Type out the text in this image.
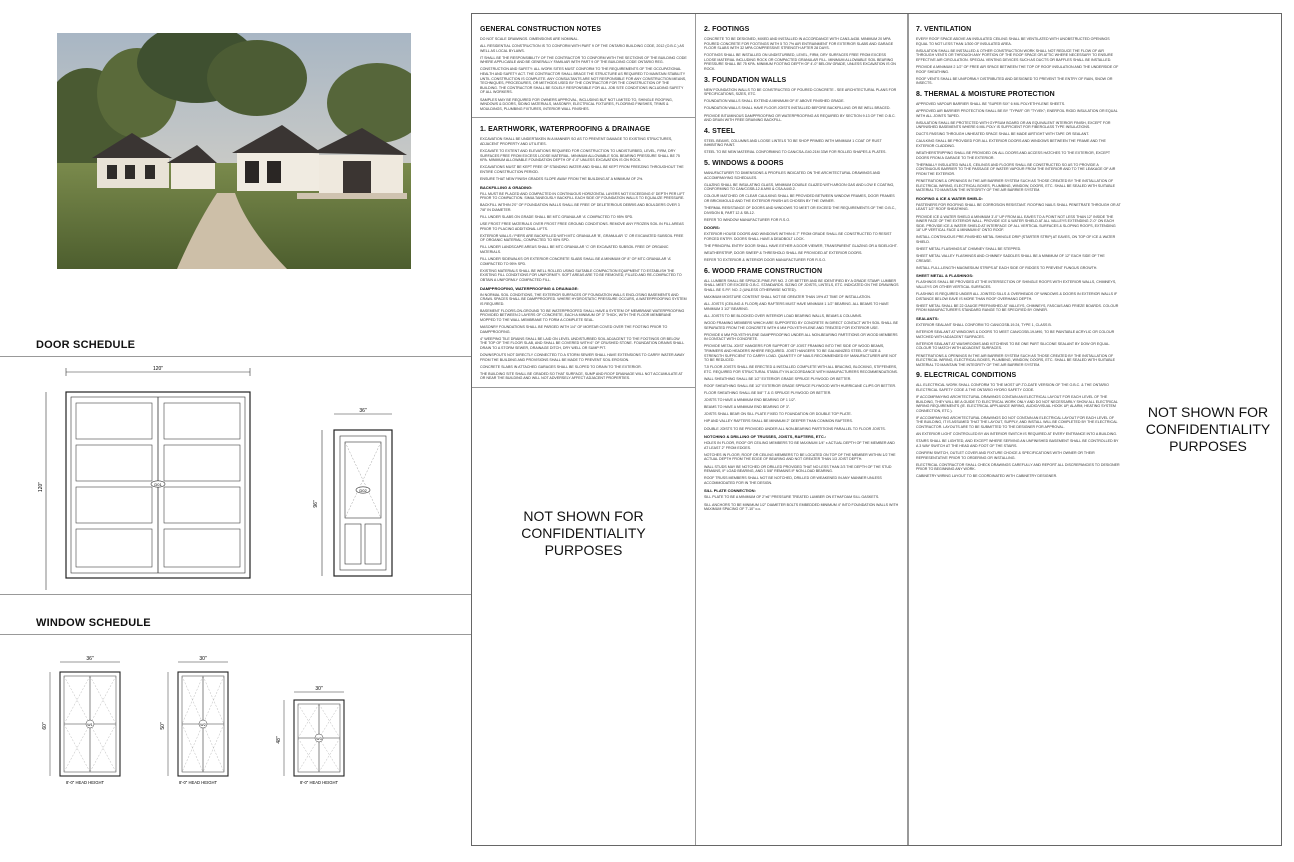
DOOR SCHEDULE
WINDOW SCHEDULE
120"
120"	D01
36"
96"
D02
36"
60"	W1
8'-0" HEAD HEIGHT
30"
50"	W2
8'-0" HEAD HEIGHT
30"
48"	W3
8'-0" HEAD HEIGHT
GENERAL CONSTRUCTION NOTES

DO NOT SCALE DRAWINGS. DIMENSIONS ARE NOMINAL.

ALL RESIDENTIAL CONSTRUCTION IS TO CONFORM WITH PART 9 OF THE ONTARIO BUILDING CODE, 2012 (O.B.C.) AS WELL AS LOCAL BYLAWS.

IT SHALL BE THE RESPONSIBILITY OF THE CONTRACTOR TO CONFORM WITH THE SECTIONS OF THE BUILDING CODE WHERE APPLICABLE AND BE GENERALLY FAMILIAR WITH PART 9 OF THE BUILDING CODE ONTARIO REG.

CONSTRUCTION AND SAFETY: ALL WORK SITES MUST CONFORM TO THE REQUIREMENTS OF THE OCCUPATIONAL HEALTH AND SAFETY ACT. THE CONTRACTOR SHALL BRACE THE STRUCTURE AS REQUIRED TO MAINTAIN STABILITY UNTIL CONSTRUCTION IS COMPLETE. ANY CONSULTANTS ARE NOT RESPONSIBLE FOR ANY CONSTRUCTION MEANS, TECHNIQUES, PROCEDURES, OR METHODS USED BY THE CONTRACTOR FOR THE CONSTRUCTION OF THE BUILDING. THE CONTRACTOR SHALL BE SOLELY RESPONSIBLE FOR ALL JOB SITE CONDITIONS INCLUDING SAFETY OF ALL WORKERS.

SAMPLES MAY BE REQUIRED FOR OWNERS APPROVAL, INCLUDING BUT NOT LIMITED TO, SHINGLE ROOFING, WINDOWS & DOORS, SIDING MATERIALS, MASONRY, ELECTRICAL FIXTURES, FLOORING FINISHES, TRIMS & MOULDINGS, PLUMBING FIXTURES, INTERIOR WALL FINISHES.

1. EARTHWORK, WATERPROOFING & DRAINAGE

EXCAVATION SHALL BE UNDERTAKEN IN A MANNER SO AS TO PREVENT DAMAGE TO EXISTING STRUCTURES, ADJACENT PROPERTY AND UTILITIES.

EXCAVATE TO EXTENT AND ELEVATIONS REQUIRED FOR CONSTRUCTION TO UNDISTURBED, LEVEL, FIRM, DRY SURFACES FREE FROM EXCESS LOOSE MATERIAL. MINIMUM ALLOWABLE SOIL BEARING PRESSURE SHALL BE 75 KPA. MINIMUM ALLOWABLE FOUNDATION DEPTH OF 4'-0" UNLESS EXCAVATION IS ON ROCK.

EXCAVATIONS MUST BE KEPT FREE OF STANDING WATER AND SHALL BE KEPT FROM FREEZING THROUGHOUT THE ENTIRE CONSTRUCTION PERIOD.

ENSURE THAT NEW FINISH GRADES SLOPE AWAY FROM THE BUILDING AT A MINIMUM OF 2%.

BACKFILLING & GRADING:

FILL MUST BE PLACED AND COMPACTED IN CONTINUOUS HORIZONTAL LAYERS NOT EXCEEDING 6" DEPTH PER LIFT PRIOR TO COMPACTION. SIMULTANEOUSLY BACKFILL EACH SIDE OF FOUNDATION WALLS TO EQUALIZE PRESSURE.

BACKFILL WITHIN 2'0" OF FOUNDATION WALLS SHALL BE FREE OF DELETERIOUS DEBRIS AND BOULDERS OVER 3 7/8" IN DIAMETER.

FILL UNDER SLABS ON GRADE SHALL BE MTC GRANULAR 'A' COMPACTED TO 95% SPD.

USE FROST FREE MATERIALS OVER FROST FREE GROUND CONDITIONS. REMOVE ANY FROZEN SOIL IN FILL AREAS PRIOR TO PLACING ADDITIONAL LIFTS.

EXTERIOR WALLS / PIERS ARE BACKFILLED WITH MTC GRANULAR 'B', GRANULAR 'C' OR EXCAVATED SUBSOIL FREE OF ORGANIC MATERIAL, COMPACTED TO 95% SPD.

FILL UNDER LANDSCAPE AREAS SHALL BE MTC GRANULAR 'C' OR EXCAVATED SUBSOIL FREE OF ORGANIC MATERIALS.

FILL UNDER SIDEWALKS OR EXTERIOR CONCRETE SLABS SHALL BE A MINIMUM OF 8" OF MTC GRANULAR 'A' COMPACTED TO 95% SPD.

EXISTING MATERIALS SHALL BE WELL ROLLED USING SUITABLE COMPACTION EQUIPMENT TO ESTABLISH THE EXISTING FILL CONDITIONS FOR UNIFORMITY. SOFT AREAS ARE TO BE REMOVED, FILLED AND RE-COMPACTED TO OBTAIN A UNIFORMLY COMPACTED FILL.

DAMPPROOFING, WATERPROOFING & DRAINAGE:

IN NORMAL SOIL CONDITIONS, THE EXTERIOR SURFACES OF FOUNDATION WALLS ENCLOSING BASEMENTS AND CRAWL SPACES SHALL BE DAMPPROOFED. WHERE HYDROSTATIC PRESSURE OCCURS, A WATERPROOFING SYSTEM IS REQUIRED.

BASEMENT FLOORS-ON-GROUND TO BE WATERPROOFED SHALL HAVE A SYSTEM OF MEMBRANE WATERPROOFING PROVIDED BETWEEN 2 LAYERS OF CONCRETE, EACH A MINIMUM OF 3" THICK, WITH THE FLOOR MEMBRANE MOPPED TO THE WALL MEMBRANE TO FORM A COMPLETE SEAL.

MASONRY FOUNDATIONS SHALL BE PARGED WITH 1/4" OF MORTAR COVED OVER THE FOOTING PRIOR TO DAMPPROOFING.

4" WEEPING TILE DRAINS SHALL BE LAID ON LEVEL UNDISTURBED SOIL ADJACENT TO THE FOOTINGS OR BELOW THE TOP OF THE FLOOR SLAB, AND SHALL BE COVERED WITH 6" OF CRUSHED STONE. FOUNDATION DRAINS SHALL DRAIN TO A STORM SEWER, DRAINAGE DITCH, DRY WELL OR SUMP PIT.

DOWNSPOUTS NOT DIRECTLY CONNECTED TO A STORM SEWER SHALL HAVE EXTENSIONS TO CARRY WATER AWAY FROM THE BUILDING AND PROVISIONS SHALL BE MADE TO PREVENT SOIL EROSION.

CONCRETE SLABS IN ATTACHED GARAGES SHALL BE SLOPED TO DRAIN TO THE EXTERIOR.

THE BUILDING SITE SHALL BE GRADED SO THAT SURFACE, SUMP AND ROOF DRAINAGE WILL NOT ACCUMULATE AT OR NEAR THE BUILDING AND WILL NOT ADVERSELY AFFECT ADJACENT PROPERTIES.

NOT SHOWN FOR CONFIDENTIALITY PURPOSES
2. FOOTINGS

CONCRETE TO BE DESIGNED, MIXED AND INSTALLED IN ACCORDANCE WITH CAN3-A438. MINIMUM 20 MPA POURED CONCRETE FOR FOOTINGS WITH 5 TO 7% AIR ENTRAINMENT FOR EXTERIOR SLABS AND GARAGE FLOOR SLABS WITH 32 MPA COMPRESSIVE STRENGTH AFTER 28 DAYS.

FOOTINGS SHALL BE INSTALLED ON UNDISTURBED, LEVEL, FIRM, DRY SURFACES FREE FROM EXCESS LOOSE MATERIAL INCLUDING ROCK OR COMPACTED GRANULAR FILL. MINIMUM ALLOWABLE SOIL BEARING PRESSURE SHALL BE 75 KPA. MINIMUM FOOTING DEPTH OF 4'-0" BELOW GRADE, UNLESS EXCAVATION IS ON ROCK.

3. FOUNDATION WALLS

NEW FOUNDATION WALLS TO BE CONSTRUCTED OF POURED CONCRETE - SEE ARCHITECTURAL PLANS FOR SPECIFICATIONS, SIZES, ETC.

FOUNDATION WALLS SHALL EXTEND A MINIMUM OF 8" ABOVE FINISHED GRADE.

FOUNDATION WALLS SHALL HAVE FLOOR JOISTS INSTALLED BEFORE BACKFILLING OR BE WELL BRACED.

PROVIDE BITUMINOUS DAMPPROOFING OR WATERPROOFING AS REQUIRED BY SECTION 9.13 OF THE O.B.C. AND DRAIN WITH FREE DRAINING BACKFILL.

4. STEEL

STEEL BEAMS, COLUMNS AND LOOSE LINTELS TO BE SHOP PRIMED WITH MINIMUM 1 COAT OF RUST INHIBITING PAINT.

STEEL TO BE NEW MATERIAL CONFORMING TO CAN/CSA-G40.21M 33W FOR ROLLED SHAPES & PLATES.

5. WINDOWS & DOORS

MANUFACTURER TO DIMENSIONS & PROFILES INDICATED ON THE ARCHITECTURAL DRAWINGS AND ACCOMPANYING SCHEDULES.

GLAZING SHALL BE INSULATING GLASS, MINIMUM DOUBLE GLAZED WITH ARGON GAS AND LOW E COATING, CONFORMING TO CAN/CGSB-12.8-M90 & CSA A440.2.

COLOUR MATCHED OR CLEAR CAULKING SHALL BE PROVIDED BETWEEN WINDOW FRAMES, DOOR FRAMES OR BRICKMOULD AND THE EXTERIOR FINISH AS CHOSEN BY THE OWNER.

THERMAL RESISTANCE OF DOORS AND WINDOWS TO MEET OR EXCEED THE REQUIREMENTS OF THE O.B.C., DIVISION B, PART 12 & SB-12.

REFER TO WINDOW MANUFACTURER FOR R.S.O.

DOORS:

EXTERIOR HOUSE DOORS AND WINDOWS WITHIN 6'-7" FROM GRADE SHALL BE CONSTRUCTED TO RESIST FORCED ENTRY. DOORS SHALL HAVE A DEADBOLT LOCK.

THE PRINCIPAL ENTRY DOOR SHALL HAVE EITHER A DOOR VIEWER, TRANSPARENT GLAZING OR A SIDELIGHT.

WEATHERSTRIP, DOOR SWEEP & THRESHOLD SHALL BE PROVIDED AT EXTERIOR DOORS.

REFER TO EXTERIOR & INTERIOR DOOR MANUFACTURER FOR R.S.O.

6. WOOD FRAME CONSTRUCTION

ALL LUMBER SHALL BE SPRUCE-PINE-FIR NO. 2 OR BETTER AND BE IDENTIFIED BY A GRADE STAMP. LUMBER SHALL MEET OR EXCEED O.B.C. STANDARDS. SIZING OF JOISTS, LINTELS, ETC. INDICATED ON THE DRAWINGS SHALL BE S.P.F. NO. 2 (UNLESS OTHERWISE NOTED).

MAXIMUM MOISTURE CONTENT SHALL NOT BE GREATER THAN 19% AT TIME OF INSTALLATION.

ALL JOISTS (CEILING & FLOOR) AND RAFTERS MUST HAVE MINIMUM 1 1/2" BEARING. ALL BEAMS TO HAVE MINIMUM 3 1/2" BEARING.

ALL JOISTS TO BE BLOCKED OVER INTERIOR LOAD BEARING WALLS, BEAMS & COLUMNS.

WOOD FRAMING MEMBERS WHICH ARE SUPPORTED BY CONCRETE IN DIRECT CONTACT WITH SOIL SHALL BE SEPARATED FROM THE CONCRETE WITH 6 MM POLYETHYLENE AND TREATED FOR EXTERIOR USE.

PROVIDE 6 MM POLYETHYLENE DAMPPROOFING UNDER ALL NON-BEARING PARTITIONS OR WOOD MEMBERS IN CONTACT WITH CONCRETE.

PROVIDE METAL JOIST HANGERS FOR SUPPORT OF JOIST FRAMING INTO THE SIDE OF WOOD BEAMS, TRIMMERS AND HEADERS WHERE REQUIRED. JOIST HANGERS TO BE GALVANIZED STEEL OF SIZE & STRENGTH SUFFICIENT TO CARRY LOAD. QUANTITY OF NAILS RECOMMENDED BY MANUFACTURER ARE NOT TO BE REDUCED.

TJI FLOOR JOISTS SHALL BE ERECTED & INSTALLED COMPLETE WITH ALL BRACING, BLOCKING, STIFFENERS, ETC. REQUIRED FOR STRUCTURAL STABILITY IN ACCORDANCE WITH MANUFACTURERS RECOMMENDATIONS.

WALL SHEATHING SHALL BE 1/2" EXTERIOR GRADE SPRUCE PLYWOOD OR BETTER.

ROOF SHEATHING SHALL BE 1/2" EXTERIOR GRADE SPRUCE PLYWOOD WITH HURRICANE CLIPS OR BETTER.

FLOOR SHEATHING SHALL BE 5/8" T & G SPRUCE PLYWOOD OR BETTER.

JOISTS TO HAVE A MINIMUM END BEARING OF 1 1/2".

BEAMS TO HAVE A MINIMUM END BEARING OF 3".

JOISTS SHALL BEAR ON SILL PLATE FIXED TO FOUNDATION OR DOUBLE TOP PLATE.

HIP AND VALLEY RAFTERS SHALL BE MINIMUM 2" DEEPER THAN COMMON RAFTERS.

DOUBLE JOISTS TO BE PROVIDED UNDER ALL NON-BEARING PARTITIONS PARALLEL TO FLOOR JOISTS.

NOTCHING & DRILLING OF TRUSSES, JOISTS, RAFTERS, ETC.:

HOLES IN FLOOR, ROOF OR CEILING MEMBERS TO BE MAXIMUM 1/4" x ACTUAL DEPTH OF THE MEMBER AND AT LEAST 2" FROM EDGES.

NOTCHES IN FLOOR, ROOF OR CEILING MEMBERS TO BE LOCATED ON TOP OF THE MEMBER WITHIN 1/2 THE ACTUAL DEPTH FROM THE EDGE OF BEARING AND NOT GREATER THAN 1/3 JOIST DEPTH.

WALL STUDS MAY BE NOTCHED OR DRILLED PROVIDED THAT NO LESS THAN 2/3 THE DEPTH OF THE STUD REMAINS, IF LOAD BEARING, AND 1 5/8" REMAINS IF NON-LOAD BEARING.

ROOF TRUSS MEMBERS SHALL NOT BE NOTCHED, DRILLED OR WEAKENED IN ANY MANNER UNLESS ACCOMMODATED FOR IN THE DESIGN.

SILL PLATE CONNECTION:

SILL PLATE TO BE A MINIMUM OF 2"x6" PRESSURE TREATED LUMBER ON ETHAFOAM SILL GASKETS.

SILL ANCHORS TO BE MINIMUM 1/2" DIAMETER BOLTS EMBEDDED MINIMUM 4" INTO FOUNDATION WALLS WITH MAXIMUM SPACING OF 7'-10" o.c.

7. VENTILATION

EVERY ROOF SPACE ABOVE AN INSULATED CEILING SHALL BE VENTILATED WITH UNOBSTRUCTED OPENINGS EQUAL TO NOT LESS THAN 1/300 OF INSULATED AREA.

INSULATION SHALL BE INSTALLED & OTHER CONSTRUCTION WORK SHALL NOT REDUCE THE FLOW OF AIR THROUGH VENTS OR THROUGH ANY PORTION OF THE ROOF SPACE OR ATTIC WHERE NECESSARY TO ENSURE EFFECTIVE AIR CIRCULATION. SPECIAL VENTING DEVICES SUCH AS DUCTS OR BAFFLES SHALL BE INSTALLED.

PROVIDE A MINIMUM 2 1/2" OF FREE AIR SPACE BETWEEN THE TOP OF ROOF INSULATION AND THE UNDERSIDE OF ROOF SHEATHING.

ROOF VENTS SHALL BE UNIFORMLY DISTRIBUTED AND DESIGNED TO PREVENT THE ENTRY OF RAIN, SNOW OR INSECTS.

8. THERMAL & MOISTURE PROTECTION

APPROVED VAPOUR BARRIER SHALL BE "SUPER SIX" 6 MIL POLYETHYLENE SHEETS.

APPROVED AIR BARRIER PROTECTION SHALL BE BY "TYPAR" OR "TYVEK"; ENERFOIL RIGID INSULATION OR EQUAL WITH ALL JOINTS TAPED.

INSULATION SHALL BE PROTECTED WITH GYPSUM BOARD OR AN EQUIVALENT INTERIOR FINISH, EXCEPT FOR UNFINISHED BASEMENTS WHERE 6 MIL POLY IS SUFFICIENT FOR FIBERGLASS TYPE INSULATIONS.

DUCTS PASSING THROUGH UNHEATED SPACE SHALL BE MADE AIRTIGHT WITH TAPE OR SEALANT.

CAULKING SHALL BE PROVIDED FOR ALL EXTERIOR DOORS AND WINDOWS BETWEEN THE FRAME AND THE EXTERIOR CLADDING.

WEATHERSTRIPPING SHALL BE PROVIDED ON ALL DOORS AND ACCESS HATCHES TO THE EXTERIOR, EXCEPT DOORS FROM A GARAGE TO THE EXTERIOR.

THERMALLY INSULATED WALLS, CEILINGS AND FLOORS SHALL BE CONSTRUCTED SO AS TO PROVIDE A CONTINUOUS BARRIER TO THE PASSAGE OF WATER VAPOUR FROM THE INTERIOR AND TO THE LEAKAGE OF AIR FROM THE EXTERIOR.

PENETRATIONS & OPENINGS IN THE AIR BARRIER SYSTEM SUCH AS THOSE CREATED BY THE INSTALLATION OF ELECTRICAL WIRING, ELECTRICAL BOXES, PLUMBING, WINDOW, DOORS, ETC. SHALL BE SEALED WITH SUITABLE MATERIAL TO MAINTAIN THE INTEGRITY OF THE AIR BARRIER SYSTEM.

ROOFING & ICE & WATER SHIELD:

FASTENERS FOR ROOFING SHALL BE CORROSION RESISTANT. ROOFING NAILS SHALL PENETRATE THROUGH OR AT LEAST 1/2" ROOF SHEATHING.

PROVIDE ICE & WATER SHIELD A MINIMUM 3'-0" UP FROM ALL EAVES TO A POINT NOT LESS THAN 12" INSIDE THE INNER FACE OF THE EXTERIOR WALL. PROVIDE ICE & WATER SHIELD AT ALL VALLEYS EXTENDING 2'-0" ON EACH SIDE. PROVIDE ICE & WATER SHIELD AT INTERFACE OF ALL VERTICAL SURFACES & SLOPING ROOFS, EXTENDING 18" UP VERTICAL FACE & MINIMUM 6" ONTO ROOF.

INSTALL CONTINUOUS PRE-FINISHED METAL SHINGLE DRIP (STARTER STRIP) AT EAVES, ON TOP OF ICE & WATER SHIELD.

SHEET METAL FLASHINGS AT CHIMNEY SHALL BE STEPPED.

SHEET METAL VALLEY FLASHINGS AND CHIMNEY SADDLES SHALL BE A MINIMUM OF 12" EACH SIDE OF THE CREASE.

INSTALL FULL-LENGTH MAGNESIUM STRIPS AT EACH SIDE OF RIDGES TO PREVENT FUNGUS GROWTH.

SHEET METAL & FLASHINGS:

FLASHINGS SHALL BE PROVIDED AT THE INTERSECTION OF SHINGLE ROOFS WITH EXTERIOR WALLS, CHIMNEYS, VALLEYS OR OTHER VERTICAL SURFACES.

FLASHING IS REQUIRED UNDER ALL JOINTED SILLS & OVERHEADS OF WINDOWS & DOORS IN EXTERIOR WALLS IF DISTANCE BELOW EAVE IS MORE THAN ROOF OVERHANG DEPTH.

SHEET METAL SHALL BE 22 GAUGE PREFINISHED AT VALLEYS, CHIMNEYS, FASCIAS AND FRIEZE BOARDS. COLOUR FROM MANUFACTURER'S STANDARD RANGE TO BE SPECIFIED BY OWNER.

SEALANTS:

EXTERIOR SEALANT SHALL CONFORM TO CAN/CGSB-19.24, TYPE 1, CLASS B.

INTERIOR SEALANT AT WINDOWS & DOORS TO MEET CAN/CGSB-19-M90, TO BE PAINTABLE ACRYLIC OR COLOUR MATCHED WITH ADJACENT SURFACES.

INTERIOR SEALANT AT WASHROOMS AND KITCHENS TO BE ONE PART SILICONE SEALANT BY DOW OR EQUAL. COLOUR TO MATCH WITH ADJACENT SURFACES.

PENETRATIONS & OPENINGS IN THE AIR BARRIER SYSTEM SUCH AS THOSE CREATED BY THE INSTALLATION OF ELECTRICAL WIRING, ELECTRICAL BOXES, PLUMBING, WINDOW, DOORS, ETC. SHALL BE SEALED WITH SUITABLE MATERIAL TO MAINTAIN THE INTEGRITY OF THE AIR BARRIER SYSTEM.

9. ELECTRICAL CONDITIONS

ALL ELECTRICAL WORK SHALL CONFORM TO THE MOST UP-TO-DATE VERSION OF THE O.B.C. & THE ONTARIO ELECTRICAL SAFETY CODE & THE ONTARIO HYDRO SAFETY CODE.

IF ACCOMPANYING ARCHITECTURAL DRAWINGS CONTAIN AN ELECTRICAL LAYOUT FOR EACH LEVEL OF THE BUILDING, THEY WILL BE A GUIDE TO ELECTRICAL WORK ONLY AND DO NOT NECESSARILY SHOW ALL ELECTRICAL WIRING REQUIREMENTS (IE. ELECTRICAL APPLIANCE WIRING, AUDIO/VISUAL HOOK UP, ALARM, HEATING SYSTEM CONNECTION, ETC.).

IF ACCOMPANYING ARCHITECTURAL DRAWINGS DO NOT CONTAIN AN ELECTRICAL LAYOUT FOR EACH LEVEL OF THE BUILDING, IT IS ASSUMED THAT THE LAYOUT, SUPPLY, AND INSTALL WILL BE COMPLETED BY THE ELECTRICAL CONTRACTOR. LAYOUTS ARE TO BE SUBMITTED TO THE DESIGNER FOR APPROVAL.

AN EXTERIOR LIGHT CONTROLLED BY AN INTERIOR SWITCH IS REQUIRED AT EVERY ENTRANCE INTO A BUILDING.

STAIRS SHALL BE LIGHTED, AND EXCEPT WHERE SERVING AN UNFINISHED BASEMENT SHALL BE CONTROLLED BY A 3 WAY SWITCH AT THE HEAD AND FOOT OF THE STAIRS.

CONFIRM SWITCH, OUTLET COVER AND FIXTURE CHOICE & SPECIFICATIONS WITH OWNER OR THEIR REPRESENTATIVE PRIOR TO ORDERING OR INSTALLING.

ELECTRICAL CONTRACTOR SHALL CHECK DRAWINGS CAREFULLY AND REPORT ALL DISCREPANCIES TO DESIGNER PRIOR TO BEGINNING ANY WORK.

CABINETRY WIRING LAYOUT TO BE COORDINATED WITH CABINETRY DESIGNER.

NOT SHOWN FOR CONFIDENTIALITY PURPOSES
